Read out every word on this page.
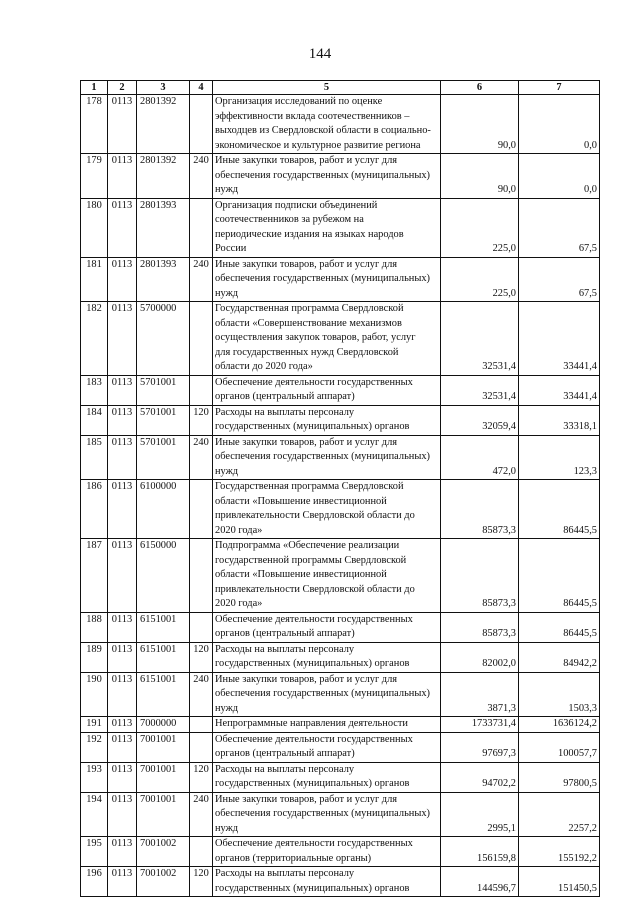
144
1	2	3	4	5	6	7
178	0113	2801392		Организация исследований по оценке
эффективности вклада соотечественников –
выходцев из Свердловской области в социально-
экономическое и культурное развитие региона	90,0	0,0
179	0113	2801392	240	Иные закупки товаров, работ и услуг для
обеспечения государственных (муниципальных)
нужд	90,0	0,0
180	0113	2801393		Организация подписки объединений
соотечественников за рубежом на
периодические издания на языках народов
России	225,0	67,5
181	0113	2801393	240	Иные закупки товаров, работ и услуг для
обеспечения государственных (муниципальных)
нужд	225,0	67,5
182	0113	5700000		Государственная программа Свердловской
области «Совершенствование механизмов
осуществления закупок товаров, работ, услуг
для государственных нужд Свердловской
области до 2020 года»	32531,4	33441,4
183	0113	5701001		Обеспечение деятельности государственных
органов (центральный аппарат)	32531,4	33441,4
184	0113	5701001	120	Расходы на выплаты персоналу
государственных (муниципальных) органов	32059,4	33318,1
185	0113	5701001	240	Иные закупки товаров, работ и услуг для
обеспечения государственных (муниципальных)
нужд	472,0	123,3
186	0113	6100000		Государственная программа Свердловской
области «Повышение инвестиционной
привлекательности Свердловской области до
2020 года»	85873,3	86445,5
187	0113	6150000		Подпрограмма «Обеспечение реализации
государственной программы Свердловской
области «Повышение инвестиционной
привлекательности Свердловской области до
2020 года»	85873,3	86445,5
188	0113	6151001		Обеспечение деятельности государственных
органов (центральный аппарат)	85873,3	86445,5
189	0113	6151001	120	Расходы на выплаты персоналу
государственных (муниципальных) органов	82002,0	84942,2
190	0113	6151001	240	Иные закупки товаров, работ и услуг для
обеспечения государственных (муниципальных)
нужд	3871,3	1503,3
191	0113	7000000		Непрограммные направления деятельности	1733731,4	1636124,2
192	0113	7001001		Обеспечение деятельности государственных
органов (центральный аппарат)	97697,3	100057,7
193	0113	7001001	120	Расходы на выплаты персоналу
государственных (муниципальных) органов	94702,2	97800,5
194	0113	7001001	240	Иные закупки товаров, работ и услуг для
обеспечения государственных (муниципальных)
нужд	2995,1	2257,2
195	0113	7001002		Обеспечение деятельности государственных
органов (территориальные органы)	156159,8	155192,2
196	0113	7001002	120	Расходы на выплаты персоналу
государственных (муниципальных) органов	144596,7	151450,5
